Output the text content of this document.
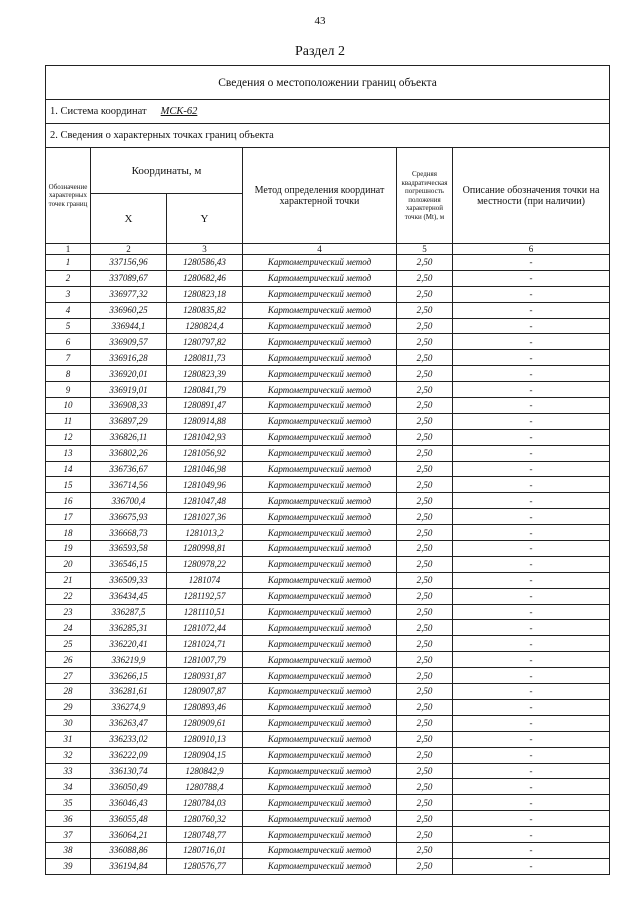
43
Раздел 2
Сведения о местоположении границ объекта					
1. Система координат МСК-62					
2. Сведения о характерных точках границ объекта					
Обозначение характерных точек границ	Координаты, м		Метод определения координат характерной точки	Средняя квадратическая погрешность положения характерной точки (Мt), м	Описание обозначения точки на местности (при наличии)
	X	Y			
1	2	3	4	5	6
1	337156,96	1280586,43	Картометрический метод	2,50	-
2	337089,67	1280682,46	Картометрический метод	2,50	-
3	336977,32	1280823,18	Картометрический метод	2,50	-
4	336960,25	1280835,82	Картометрический метод	2,50	-
5	336944,1	1280824,4	Картометрический метод	2,50	-
6	336909,57	1280797,82	Картометрический метод	2,50	-
7	336916,28	1280811,73	Картометрический метод	2,50	-
8	336920,01	1280823,39	Картометрический метод	2,50	-
9	336919,01	1280841,79	Картометрический метод	2,50	-
10	336908,33	1280891,47	Картометрический метод	2,50	-
11	336897,29	1280914,88	Картометрический метод	2,50	-
12	336826,11	1281042,93	Картометрический метод	2,50	-
13	336802,26	1281056,92	Картометрический метод	2,50	-
14	336736,67	1281046,98	Картометрический метод	2,50	-
15	336714,56	1281049,96	Картометрический метод	2,50	-
16	336700,4	1281047,48	Картометрический метод	2,50	-
17	336675,93	1281027,36	Картометрический метод	2,50	-
18	336668,73	1281013,2	Картометрический метод	2,50	-
19	336593,58	1280998,81	Картометрический метод	2,50	-
20	336546,15	1280978,22	Картометрический метод	2,50	-
21	336509,33	1281074	Картометрический метод	2,50	-
22	336434,45	1281192,57	Картометрический метод	2,50	-
23	336287,5	1281110,51	Картометрический метод	2,50	-
24	336285,31	1281072,44	Картометрический метод	2,50	-
25	336220,41	1281024,71	Картометрический метод	2,50	-
26	336219,9	1281007,79	Картометрический метод	2,50	-
27	336266,15	1280931,87	Картометрический метод	2,50	-
28	336281,61	1280907,87	Картометрический метод	2,50	-
29	336274,9	1280893,46	Картометрический метод	2,50	-
30	336263,47	1280909,61	Картометрический метод	2,50	-
31	336233,02	1280910,13	Картометрический метод	2,50	-
32	336222,09	1280904,15	Картометрический метод	2,50	-
33	336130,74	1280842,9	Картометрический метод	2,50	-
34	336050,49	1280788,4	Картометрический метод	2,50	-
35	336046,43	1280784,03	Картометрический метод	2,50	-
36	336055,48	1280760,32	Картометрический метод	2,50	-
37	336064,21	1280748,77	Картометрический метод	2,50	-
38	336088,86	1280716,01	Картометрический метод	2,50	-
39	336194,84	1280576,77	Картометрический метод	2,50	-
